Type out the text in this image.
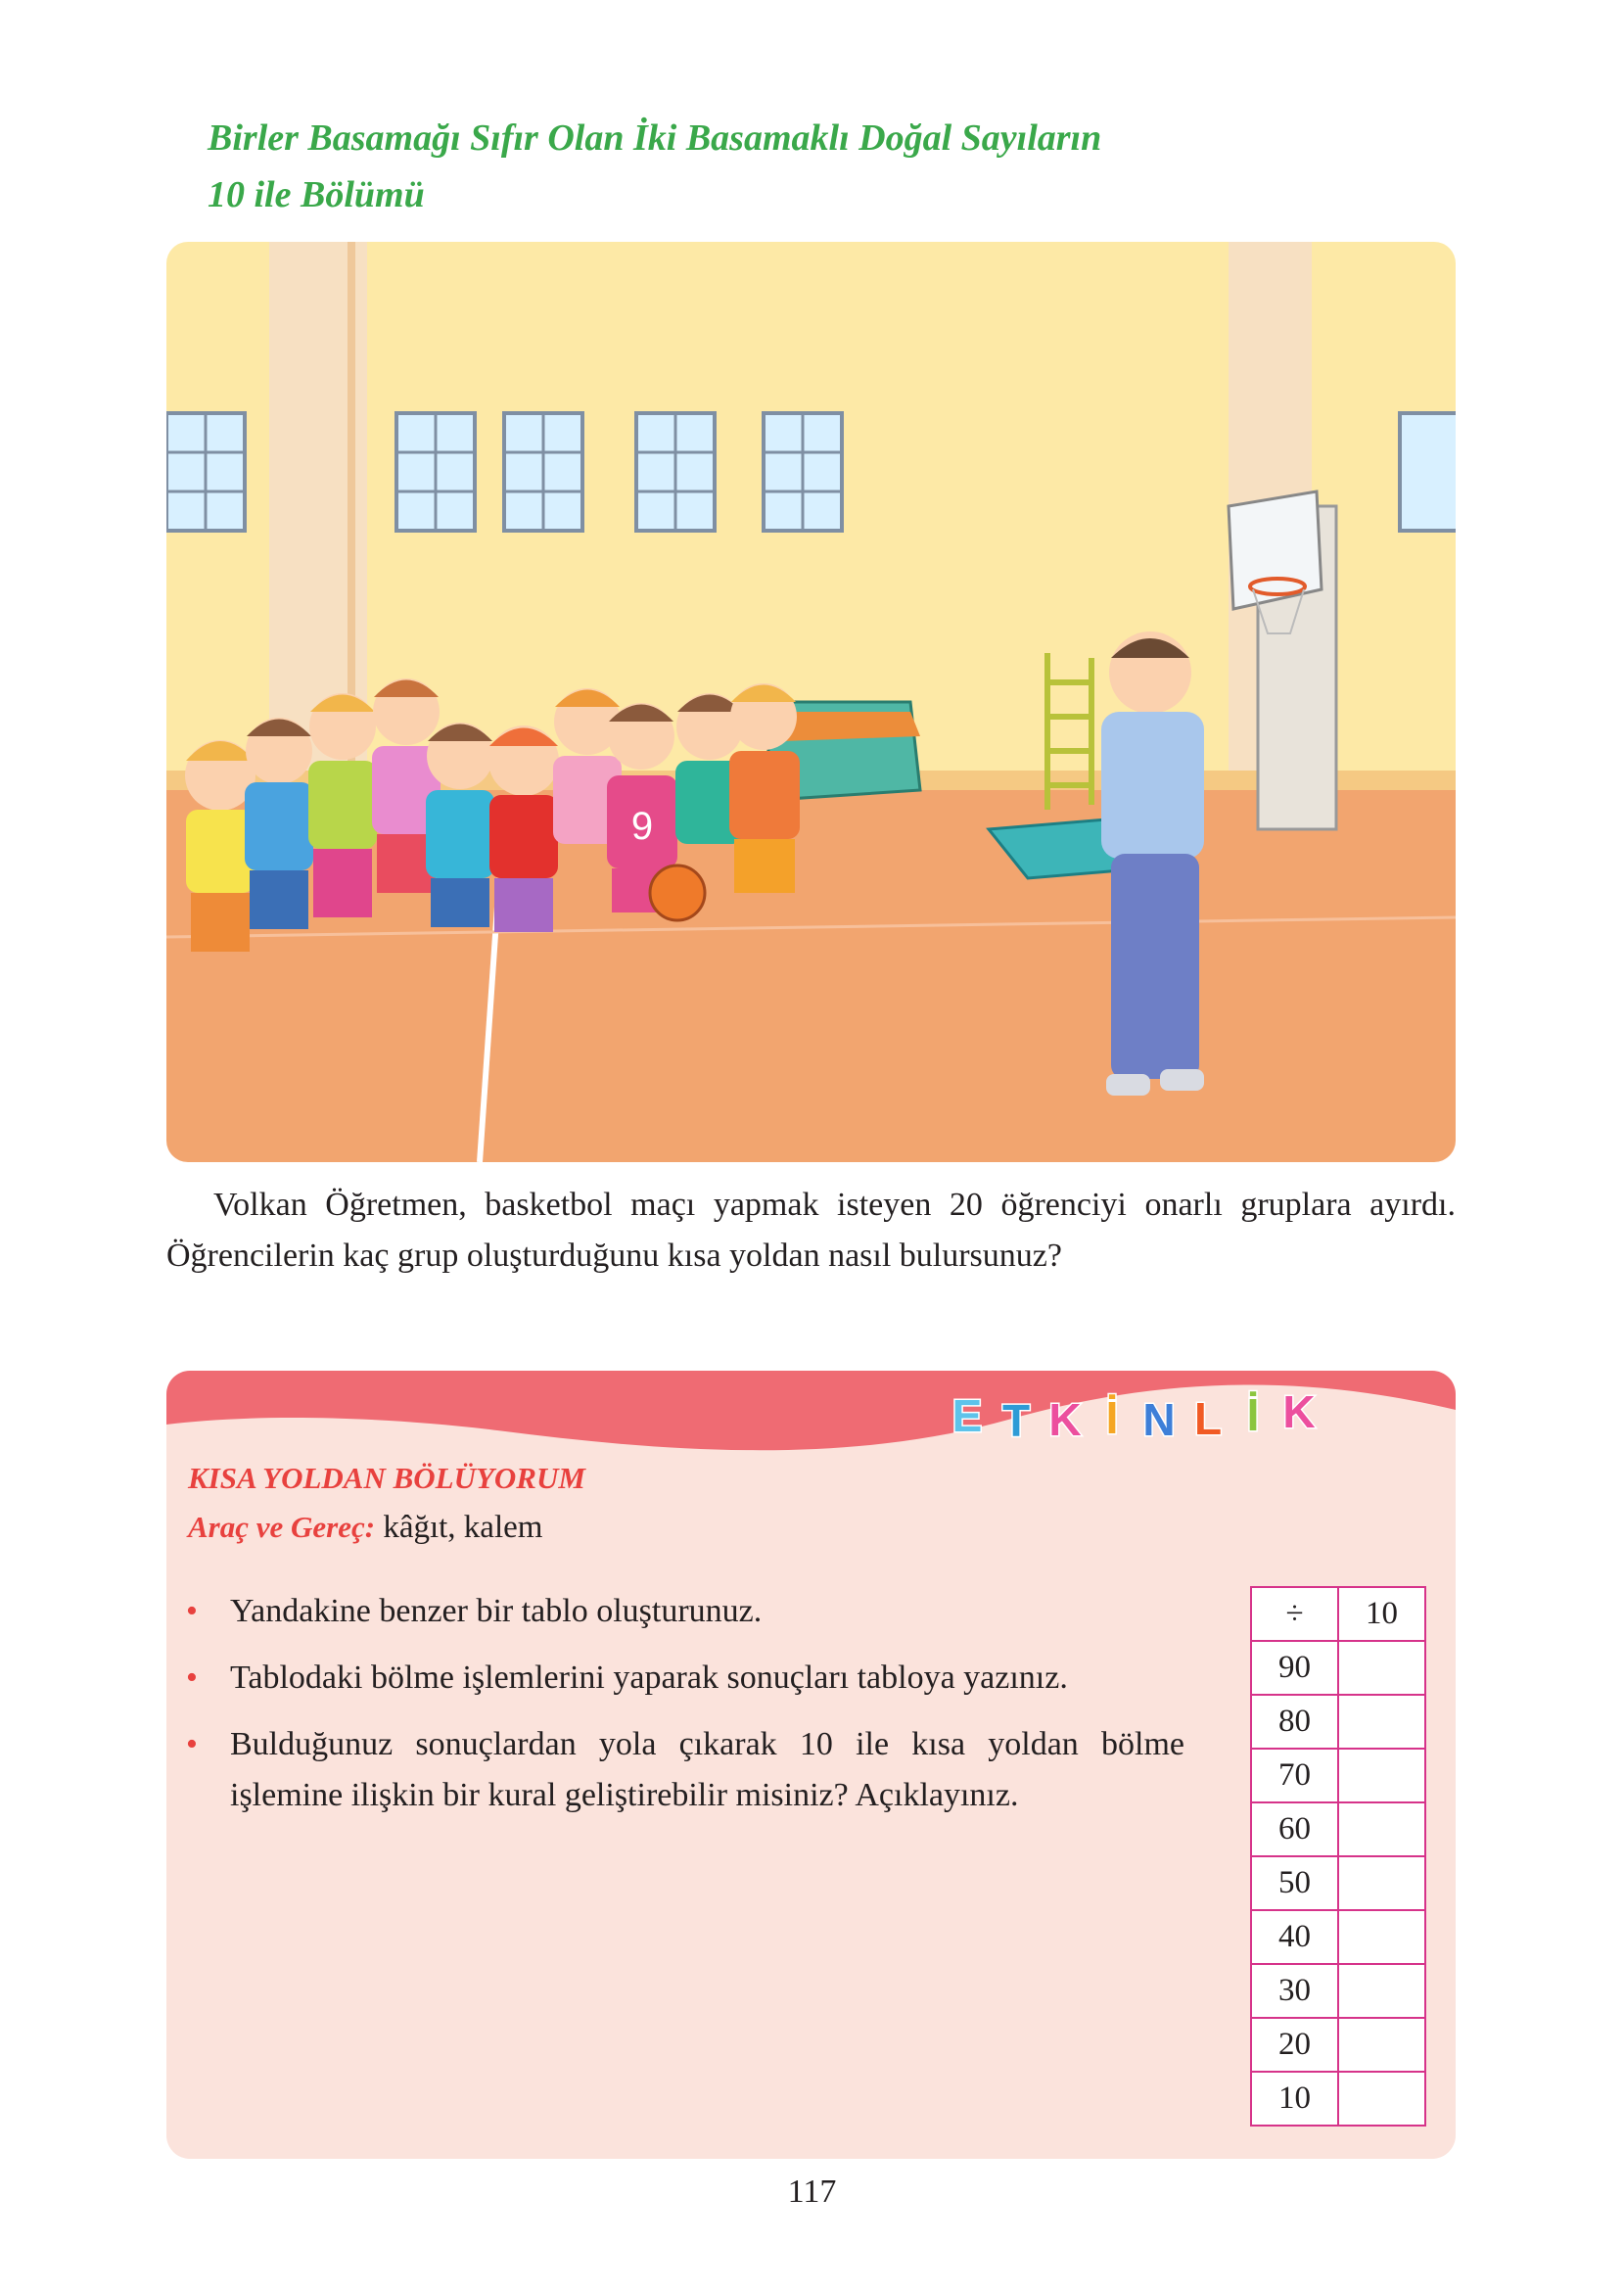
Birler Basamağı Sıfır Olan İki Basamaklı Doğal Sayıların
10 ile Bölümü
9

Volkan Öğretmen, basketbol maçı yapmak isteyen 20 öğrenciyi onarlı gruplara ayırdı. Öğrencilerin kaç grup oluşturduğunu kısa yoldan nasıl bulursunuz?

E T K İ N L İ K
KISA YOLDAN BÖLÜYORUM
Araç ve Gereç: kâğıt, kalem
• Yandakine benzer bir tablo oluşturunuz.
• Tablodaki bölme işlemlerini yaparak sonuçları tabloya yazınız.
• Bulduğunuz sonuçlardan yola çıkarak 10 ile kısa yoldan bölme işlemine ilişkin bir kural geliştirebilir misiniz? Açıklayınız.
÷	10
90	
80	
70	
60	
50	
40	
30	
20	
10	
117
